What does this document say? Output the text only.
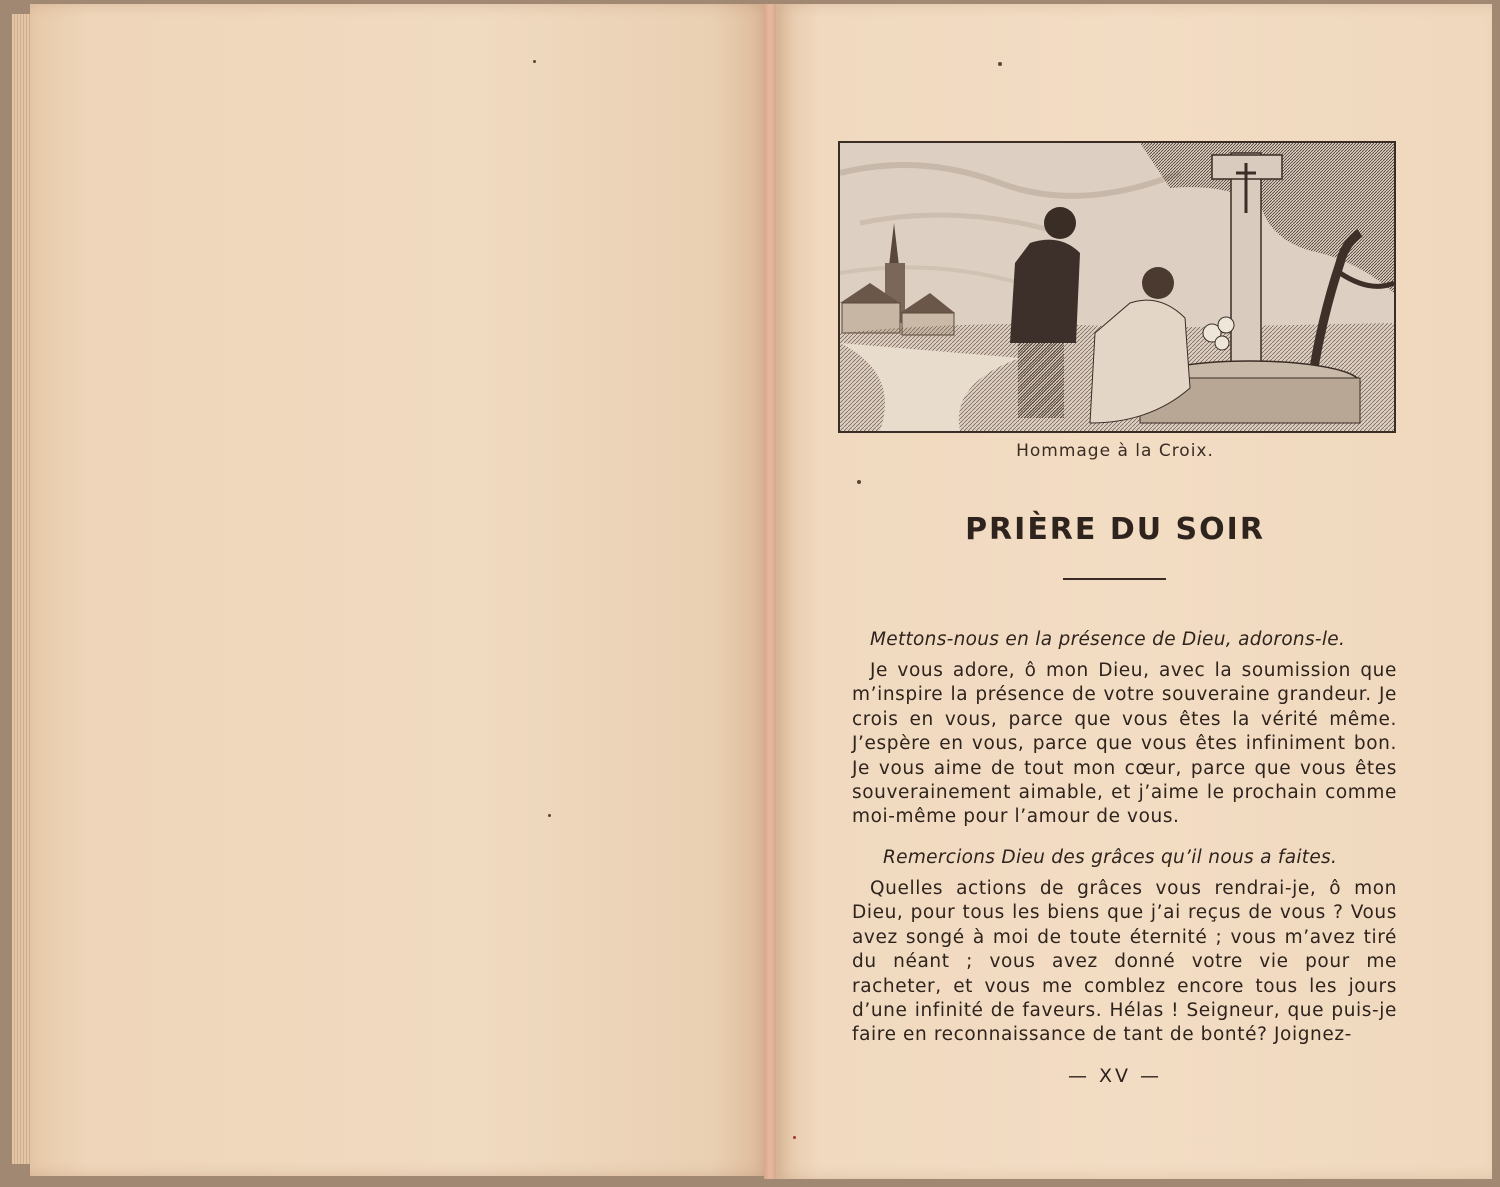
Hommage à la Croix.
PRIÈRE DU SOIR
Mettons-nous en la présence de Dieu, adorons-le.

Je vous adore, ô mon Dieu, avec la soumission que m’inspire la présence de votre souveraine grandeur. Je crois en vous, parce que vous êtes la vérité même. J’espère en vous, parce que vous êtes infiniment bon. Je vous aime de tout mon cœur, parce que vous êtes souverainement aimable, et j’aime le prochain comme moi-même pour l’amour de vous.

Remercions Dieu des grâces qu’il nous a faites.

Quelles actions de grâces vous rendrai-je, ô mon Dieu, pour tous les biens que j’ai reçus de vous ? Vous avez songé à moi de toute éternité ; vous m’avez tiré du néant ; vous avez donné votre vie pour me racheter, et vous me comblez encore tous les jours d’une infinité de faveurs. Hélas ! Seigneur, que puis-je faire en reconnaissance de tant de bonté? Joignez-

— XV —
